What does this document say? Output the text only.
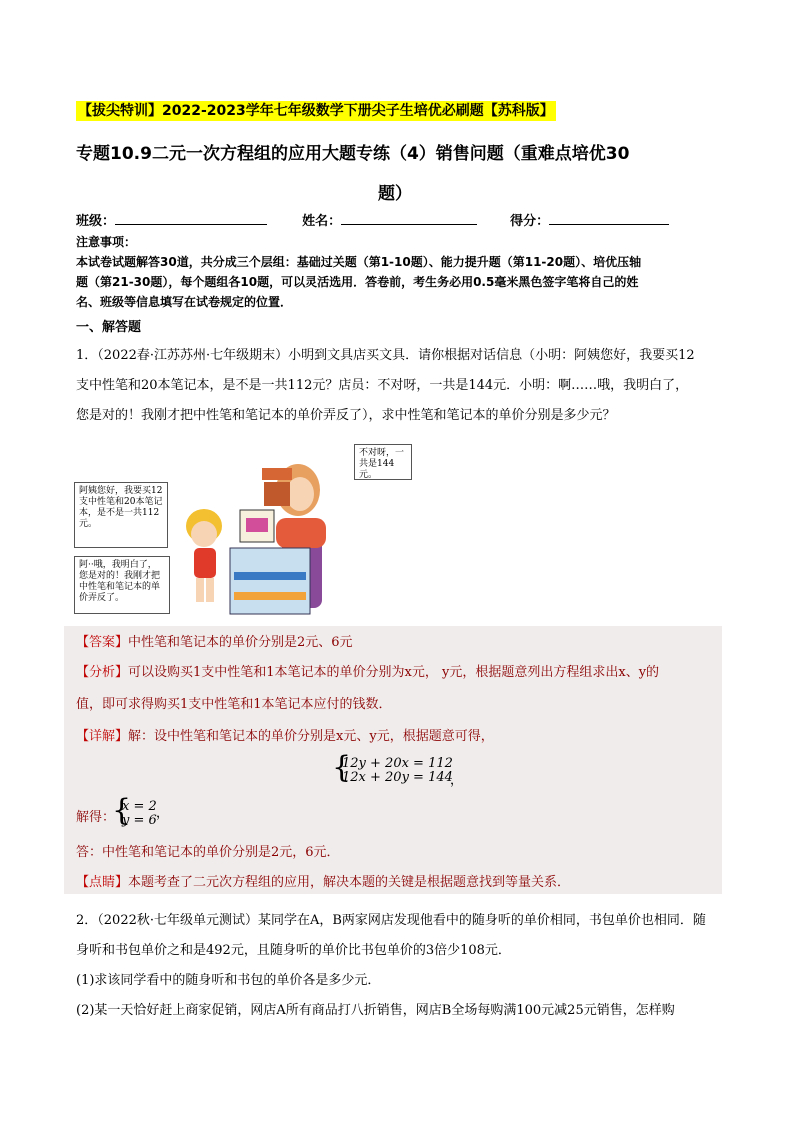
【拔尖特训】2022-2023学年七年级数学下册尖子生培优必刷题【苏科版】
专题10.9二元一次方程组的应用大题专练（4）销售问题（重难点培优30
题）
班级：	姓名：	得分：
注意事项：
本试卷试题解答30道，共分成三个层组：基础过关题（第1-10题）、能力提升题（第11-20题）、培优压轴
题（第21-30题），每个题组各10题，可以灵活选用．答卷前，考生务必用0.5毫米黑色签字笔将自己的姓
名、班级等信息填写在试卷规定的位置．
一、解答题
1．（2022春·江苏苏州·七年级期末）小明到文具店买文具．请你根据对话信息（小明：阿姨您好，我要买12
支中性笔和20本笔记本，是不是一共112元？店员：不对呀，一共是144元．小明：啊……哦，我明白了，
您是对的！我刚才把中性笔和笔记本的单价弄反了），求中性笔和笔记本的单价分别是多少元？
不对呀，一共是144元。
阿姨您好，我要买12支中性笔和20本笔记本，是不是一共112元。
阿··哦，我明白了，您是对的！我刚才把中性笔和笔记本的单价弄反了。
【答案】中性笔和笔记本的单价分别是2元、6元
【分析】可以设购买1支中性笔和1本笔记本的单价分别为x元， y元，根据题意列出方程组求出x、y的
值，即可求得购买1支中性笔和1本笔记本应付的钱数．
【详解】解：设中性笔和笔记本的单价分别是x元、y元，根据题意可得，
{
12y + 20x = 112
12x + 20y = 144
，
解得：
{
x = 2
y = 6 ，
答：中性笔和笔记本的单价分别是2元，6元．
【点睛】本题考查了二元次方程组的应用，解决本题的关键是根据题意找到等量关系．
2．（2022秋·七年级单元测试）某同学在A，B两家网店发现他看中的随身听的单价相同，书包单价也相同．随
身听和书包单价之和是492元，且随身听的单价比书包单价的3倍少108元．
(1)求该同学看中的随身听和书包的单价各是多少元．
(2)某一天恰好赶上商家促销，网店A所有商品打八折销售，网店B全场每购满100元减25元销售，怎样购
